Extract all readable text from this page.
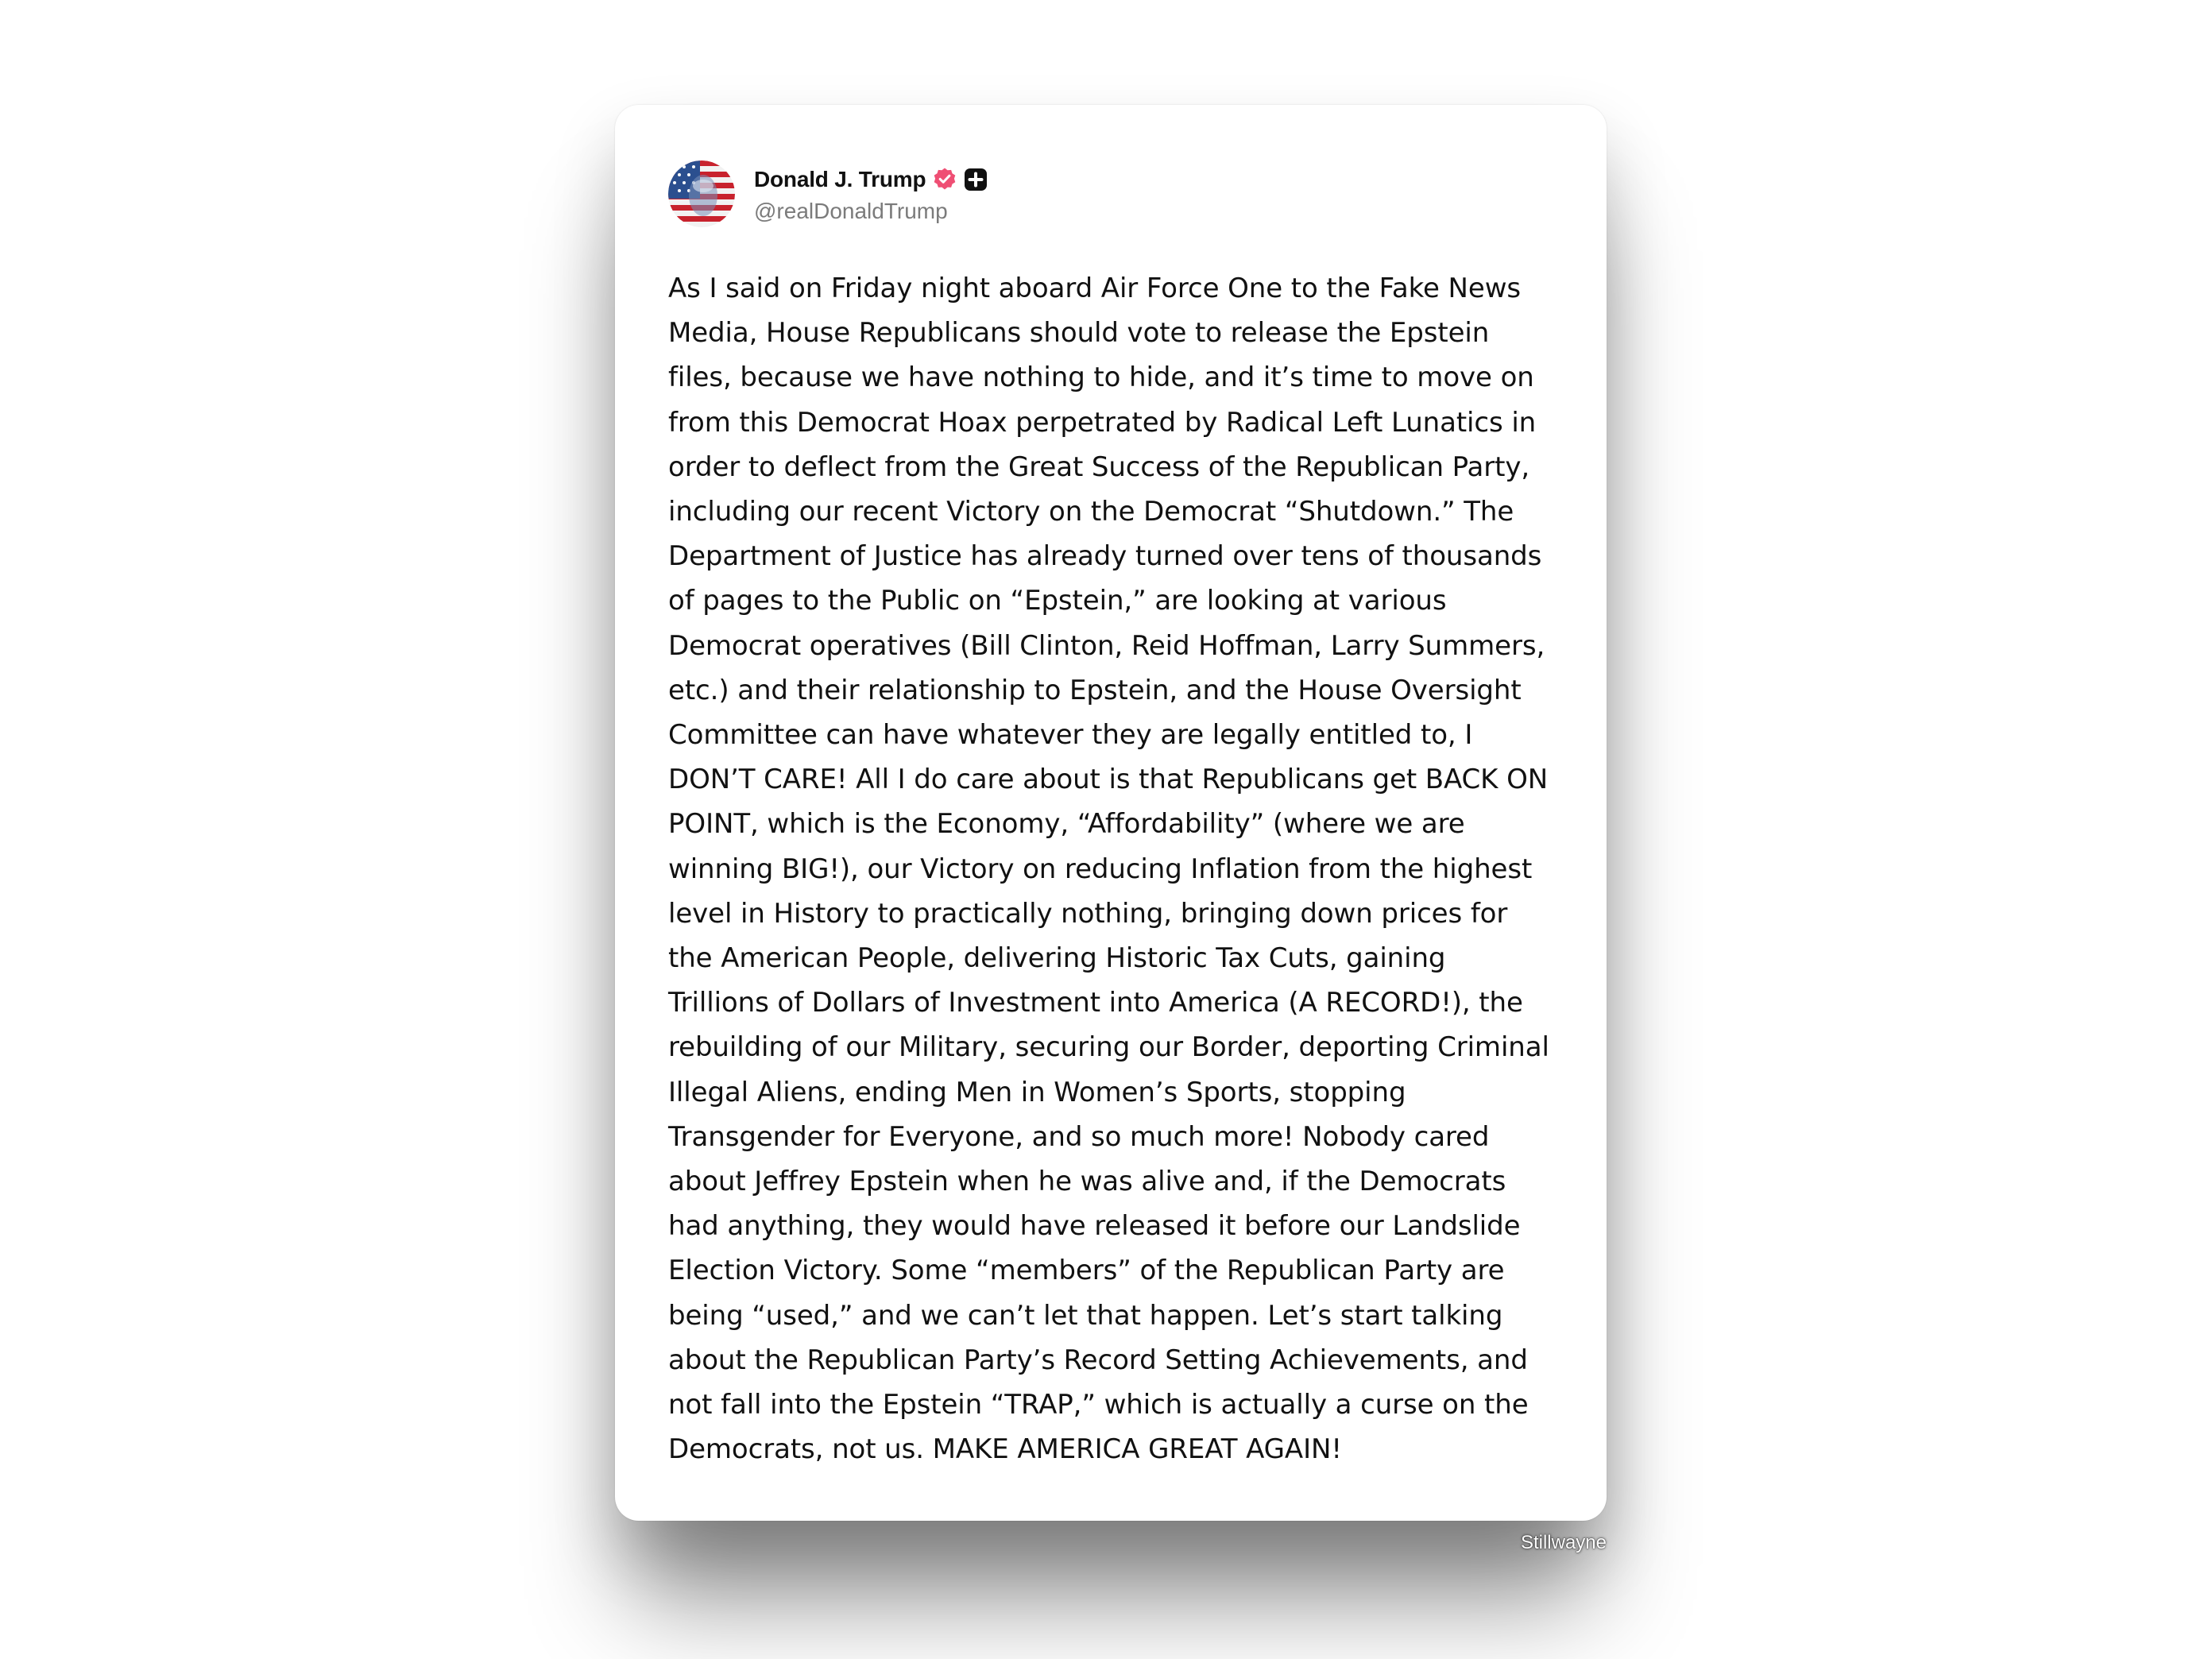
Donald J. Trump
@realDonaldTrump
As I said on Friday night aboard Air Force One to the Fake News
Media, House Republicans should vote to release the Epstein
files, because we have nothing to hide, and it’s time to move on
from this Democrat Hoax perpetrated by Radical Left Lunatics in
order to deflect from the Great Success of the Republican Party,
including our recent Victory on the Democrat “Shutdown.” The
Department of Justice has already turned over tens of thousands
of pages to the Public on “Epstein,” are looking at various
Democrat operatives (Bill Clinton, Reid Hoffman, Larry Summers,
etc.) and their relationship to Epstein, and the House Oversight
Committee can have whatever they are legally entitled to, I
DON’T CARE! All I do care about is that Republicans get BACK ON
POINT, which is the Economy, “Affordability” (where we are
winning BIG!), our Victory on reducing Inflation from the highest
level in History to practically nothing, bringing down prices for
the American People, delivering Historic Tax Cuts, gaining
Trillions of Dollars of Investment into America (A RECORD!), the
rebuilding of our Military, securing our Border, deporting Criminal
Illegal Aliens, ending Men in Women’s Sports, stopping
Transgender for Everyone, and so much more! Nobody cared
about Jeffrey Epstein when he was alive and, if the Democrats
had anything, they would have released it before our Landslide
Election Victory. Some “members” of the Republican Party are
being “used,” and we can’t let that happen. Let’s start talking
about the Republican Party’s Record Setting Achievements, and
not fall into the Epstein “TRAP,” which is actually a curse on the
Democrats, not us. MAKE AMERICA GREAT AGAIN!
Stillwayne
